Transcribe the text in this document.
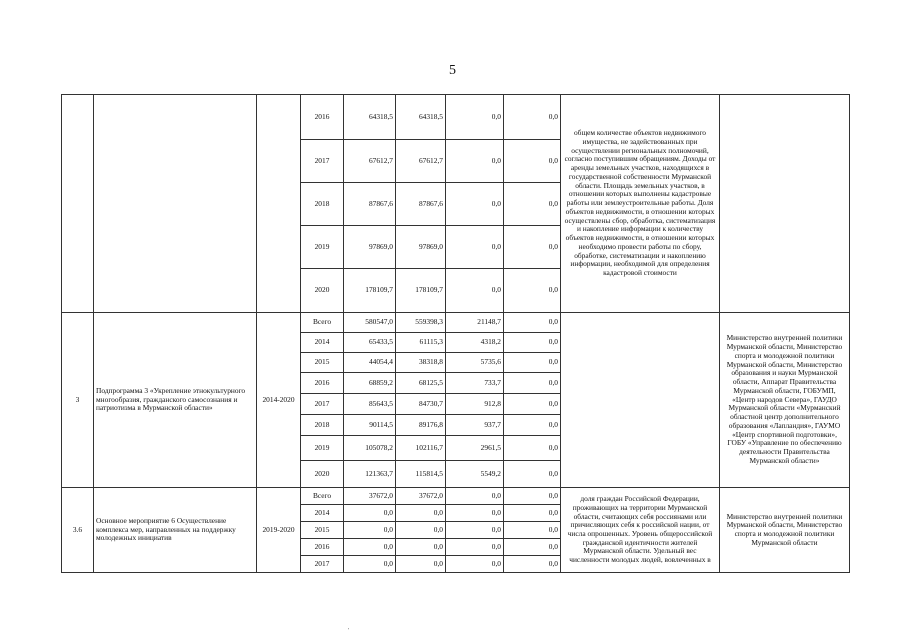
5
			2016	64318,5	64318,5	0,0	0,0	общем количестве объектов недвижимого имущества, не задействованных при осуществлении региональных полномочий, согласно поступившим обращениям. Доходы от аренды земельных участков, находящихся в государственной собственности Мурманской области. Площадь земельных участков, в отношении которых выполнены кадастровые работы или землеустроительные работы. Доля объектов недвижимости, в отношении которых осуществлены сбор, обработка, систематизация и накопление информации к количеству объектов недвижимости, в отношении которых необходимо провести работы по сбору, обработке, систематизации и накоплению информации, необходимой для определения кадастровой стоимости	
			2017	67612,7	67612,7	0,0	0,0		
			2018	87867,6	87867,6	0,0	0,0		
			2019	97869,0	97869,0	0,0	0,0		
			2020	178109,7	178109,7	0,0	0,0		
3	Подпрограмма 3 «Укрепление этнокультурного многообразия, гражданского самосознания и патриотизма в Мурманской области»	2014-2020	Всего	580547,0	559398,3	21148,7	0,0		Министерство внутренней политики Мурманской области, Министерство спорта и молодежной политики Мурманской области, Министерство образования и науки Мурманской области, Аппарат Правительства Мурманской области, ГОБУМП, «Центр народов Севера», ГАУДО Мурманской области «Мурманский областной центр дополнительного образования «Лапландия», ГАУМО «Центр спортивной подготовки», ГОБУ «Управление по обеспечению деятельности Правительства Мурманской области»
			2014	65433,5	61115,3	4318,2	0,0		
			2015	44054,4	38318,8	5735,6	0,0		
			2016	68859,2	68125,5	733,7	0,0		
			2017	85643,5	84730,7	912,8	0,0		
			2018	90114,5	89176,8	937,7	0,0		
			2019	105078,2	102116,7	2961,5	0,0		
			2020	121363,7	115814,5	5549,2	0,0		
3.6	Основное мероприятие 6 Осуществление комплекса мер, направленных на поддержку молодежных инициатив	2019-2020	Всего	37672,0	37672,0	0,0	0,0	доля граждан Российской Федерации, проживающих на территории Мурманской области, считающих себя россиянами или причисляющих себя к российской нации, от числа опрошенных. Уровень общероссийской гражданской идентичности жителей Мурманской области. Удельный вес численности молодых людей, вовлеченных в	Министерство внутренней политики Мурманской области, Министерство спорта и молодежной политики Мурманской области
			2014	0,0	0,0	0,0	0,0		
			2015	0,0	0,0	0,0	0,0		
			2016	0,0	0,0	0,0	0,0		
			2017	0,0	0,0	0,0	0,0		
'
